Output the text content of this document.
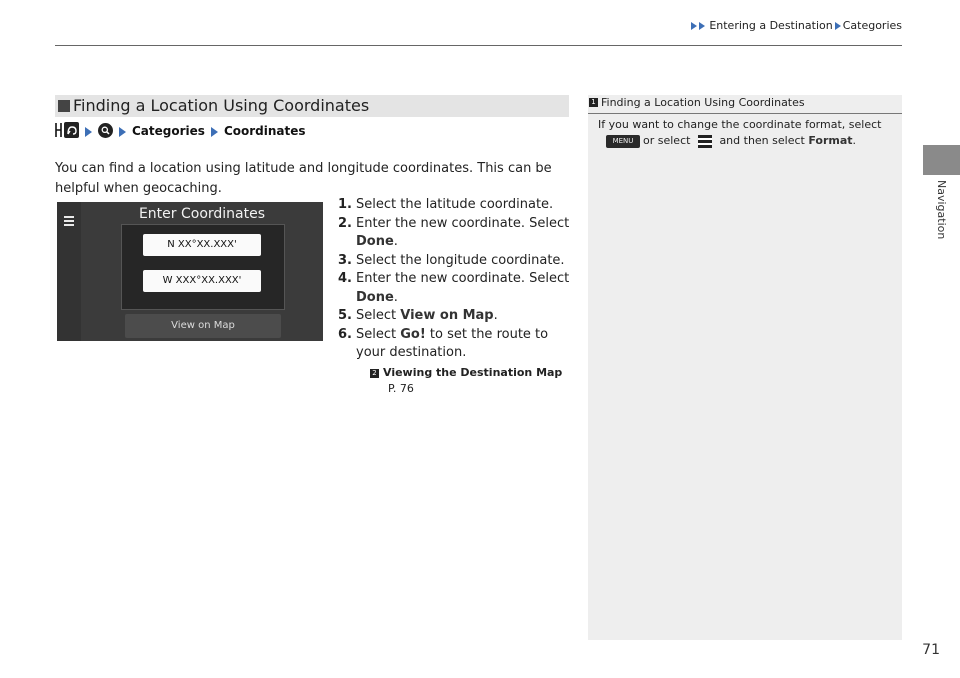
Entering a Destination Categories
Navigation
Finding a Location Using Coordinates
Categories Coordinates
You can find a location using latitude and longitude coordinates. This can be helpful when geocaching.
Enter Coordinates
N XX°XX.XXX'
W XXX°XX.XXX'
View on Map
1. Select the latitude coordinate.
2. Enter the new coordinate. Select Done.
3. Select the longitude coordinate.
4. Enter the new coordinate. Select Done.
5. Select View on Map.
6. Select Go! to set the route to your destination.
2 Viewing the Destination Map
P. 76
1 Finding a Location Using Coordinates
If you want to change the coordinate format, select
MENU or select	and then select Format.
71
